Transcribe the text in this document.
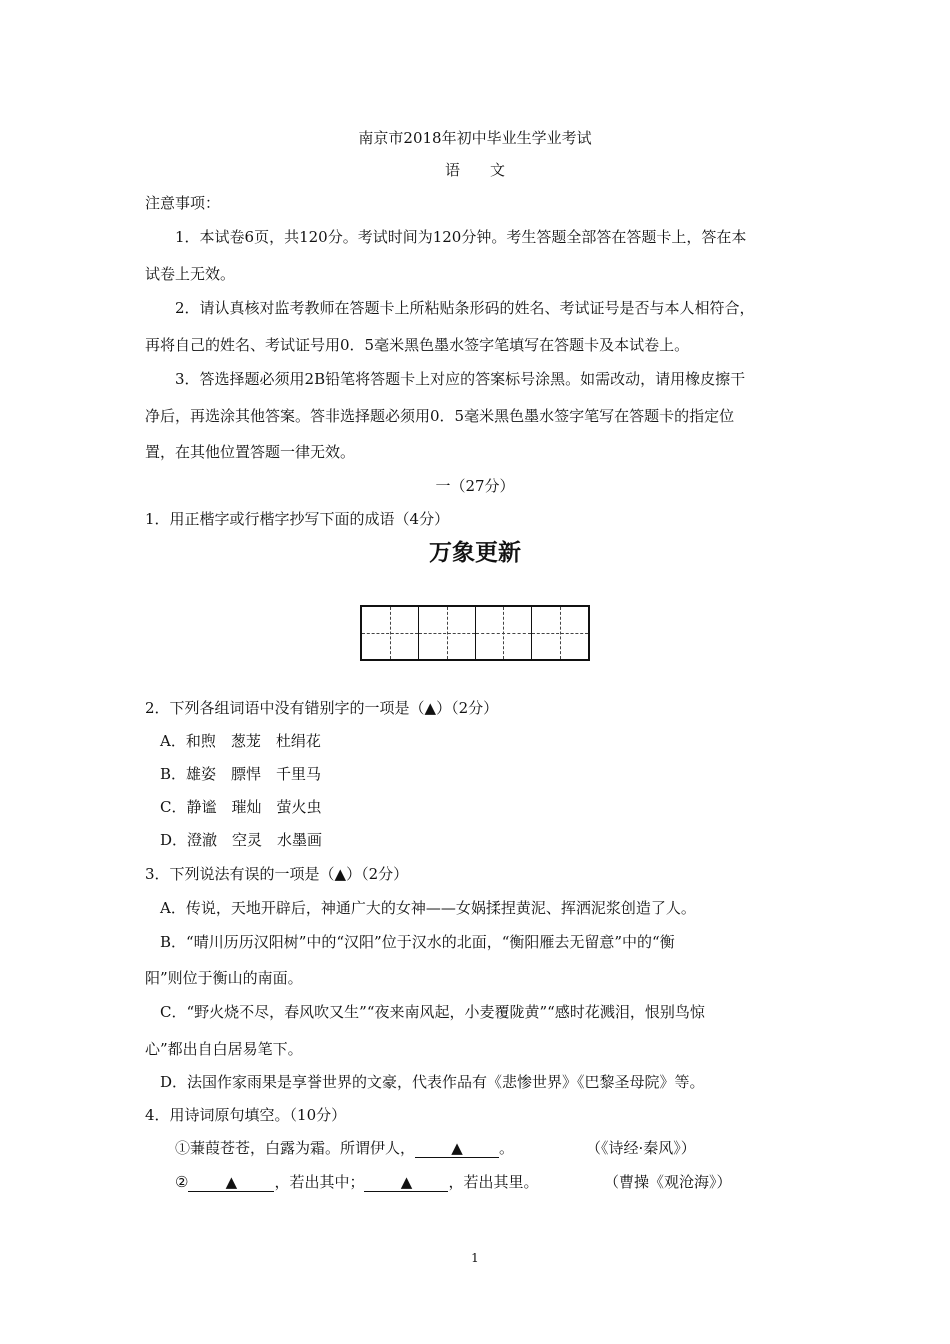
南京市2018年初中毕业生学业考试
语　　文
注意事项：
1．本试卷6页，共120分。考试时间为120分钟。考生答题全部答在答题卡上，答在本
试卷上无效。
2．请认真核对监考教师在答题卡上所粘贴条形码的姓名、考试证号是否与本人相符合，
再将自己的姓名、考试证号用0．5毫米黑色墨水签字笔填写在答题卡及本试卷上。
3．答选择题必须用2B铅笔将答题卡上对应的答案标号涂黑。如需改动，请用橡皮擦干
净后，再选涂其他答案。答非选择题必须用0．5毫米黑色墨水签字笔写在答题卡的指定位
置，在其他位置答题一律无效。
一（27分）
1．用正楷字或行楷字抄写下面的成语（4分）
万象更新
2．下列各组词语中没有错别字的一项是（▲）（2分）
A．和煦　葱茏　杜绢花
B．雄姿　膘悍　千里马
C．静谧　璀灿　萤火虫
D．澄澈　空灵　水墨画
3．下列说法有误的一项是（▲）（2分）
A．传说，天地开辟后，神通广大的女神——女娲揉捏黄泥、挥洒泥浆创造了人。
B．“晴川历历汉阳树”中的“汉阳”位于汉水的北面，“衡阳雁去无留意”中的“衡
阳”则位于衡山的南面。
C．“野火烧不尽，春风吹又生”“夜来南风起，小麦覆陇黄”“感时花溅泪，恨别鸟惊
心”都出自白居易笔下。
D．法国作家雨果是享誉世界的文豪，代表作品有《悲惨世界》《巴黎圣母院》等。
4．用诗词原句填空。（10分）
①蒹葭苍苍，白露为霜。所谓伊人， ▲ 。	（《诗经·秦风》）
② ▲ ，若出其中； ▲ ，若出其里。	（曹操《观沧海》）
1
